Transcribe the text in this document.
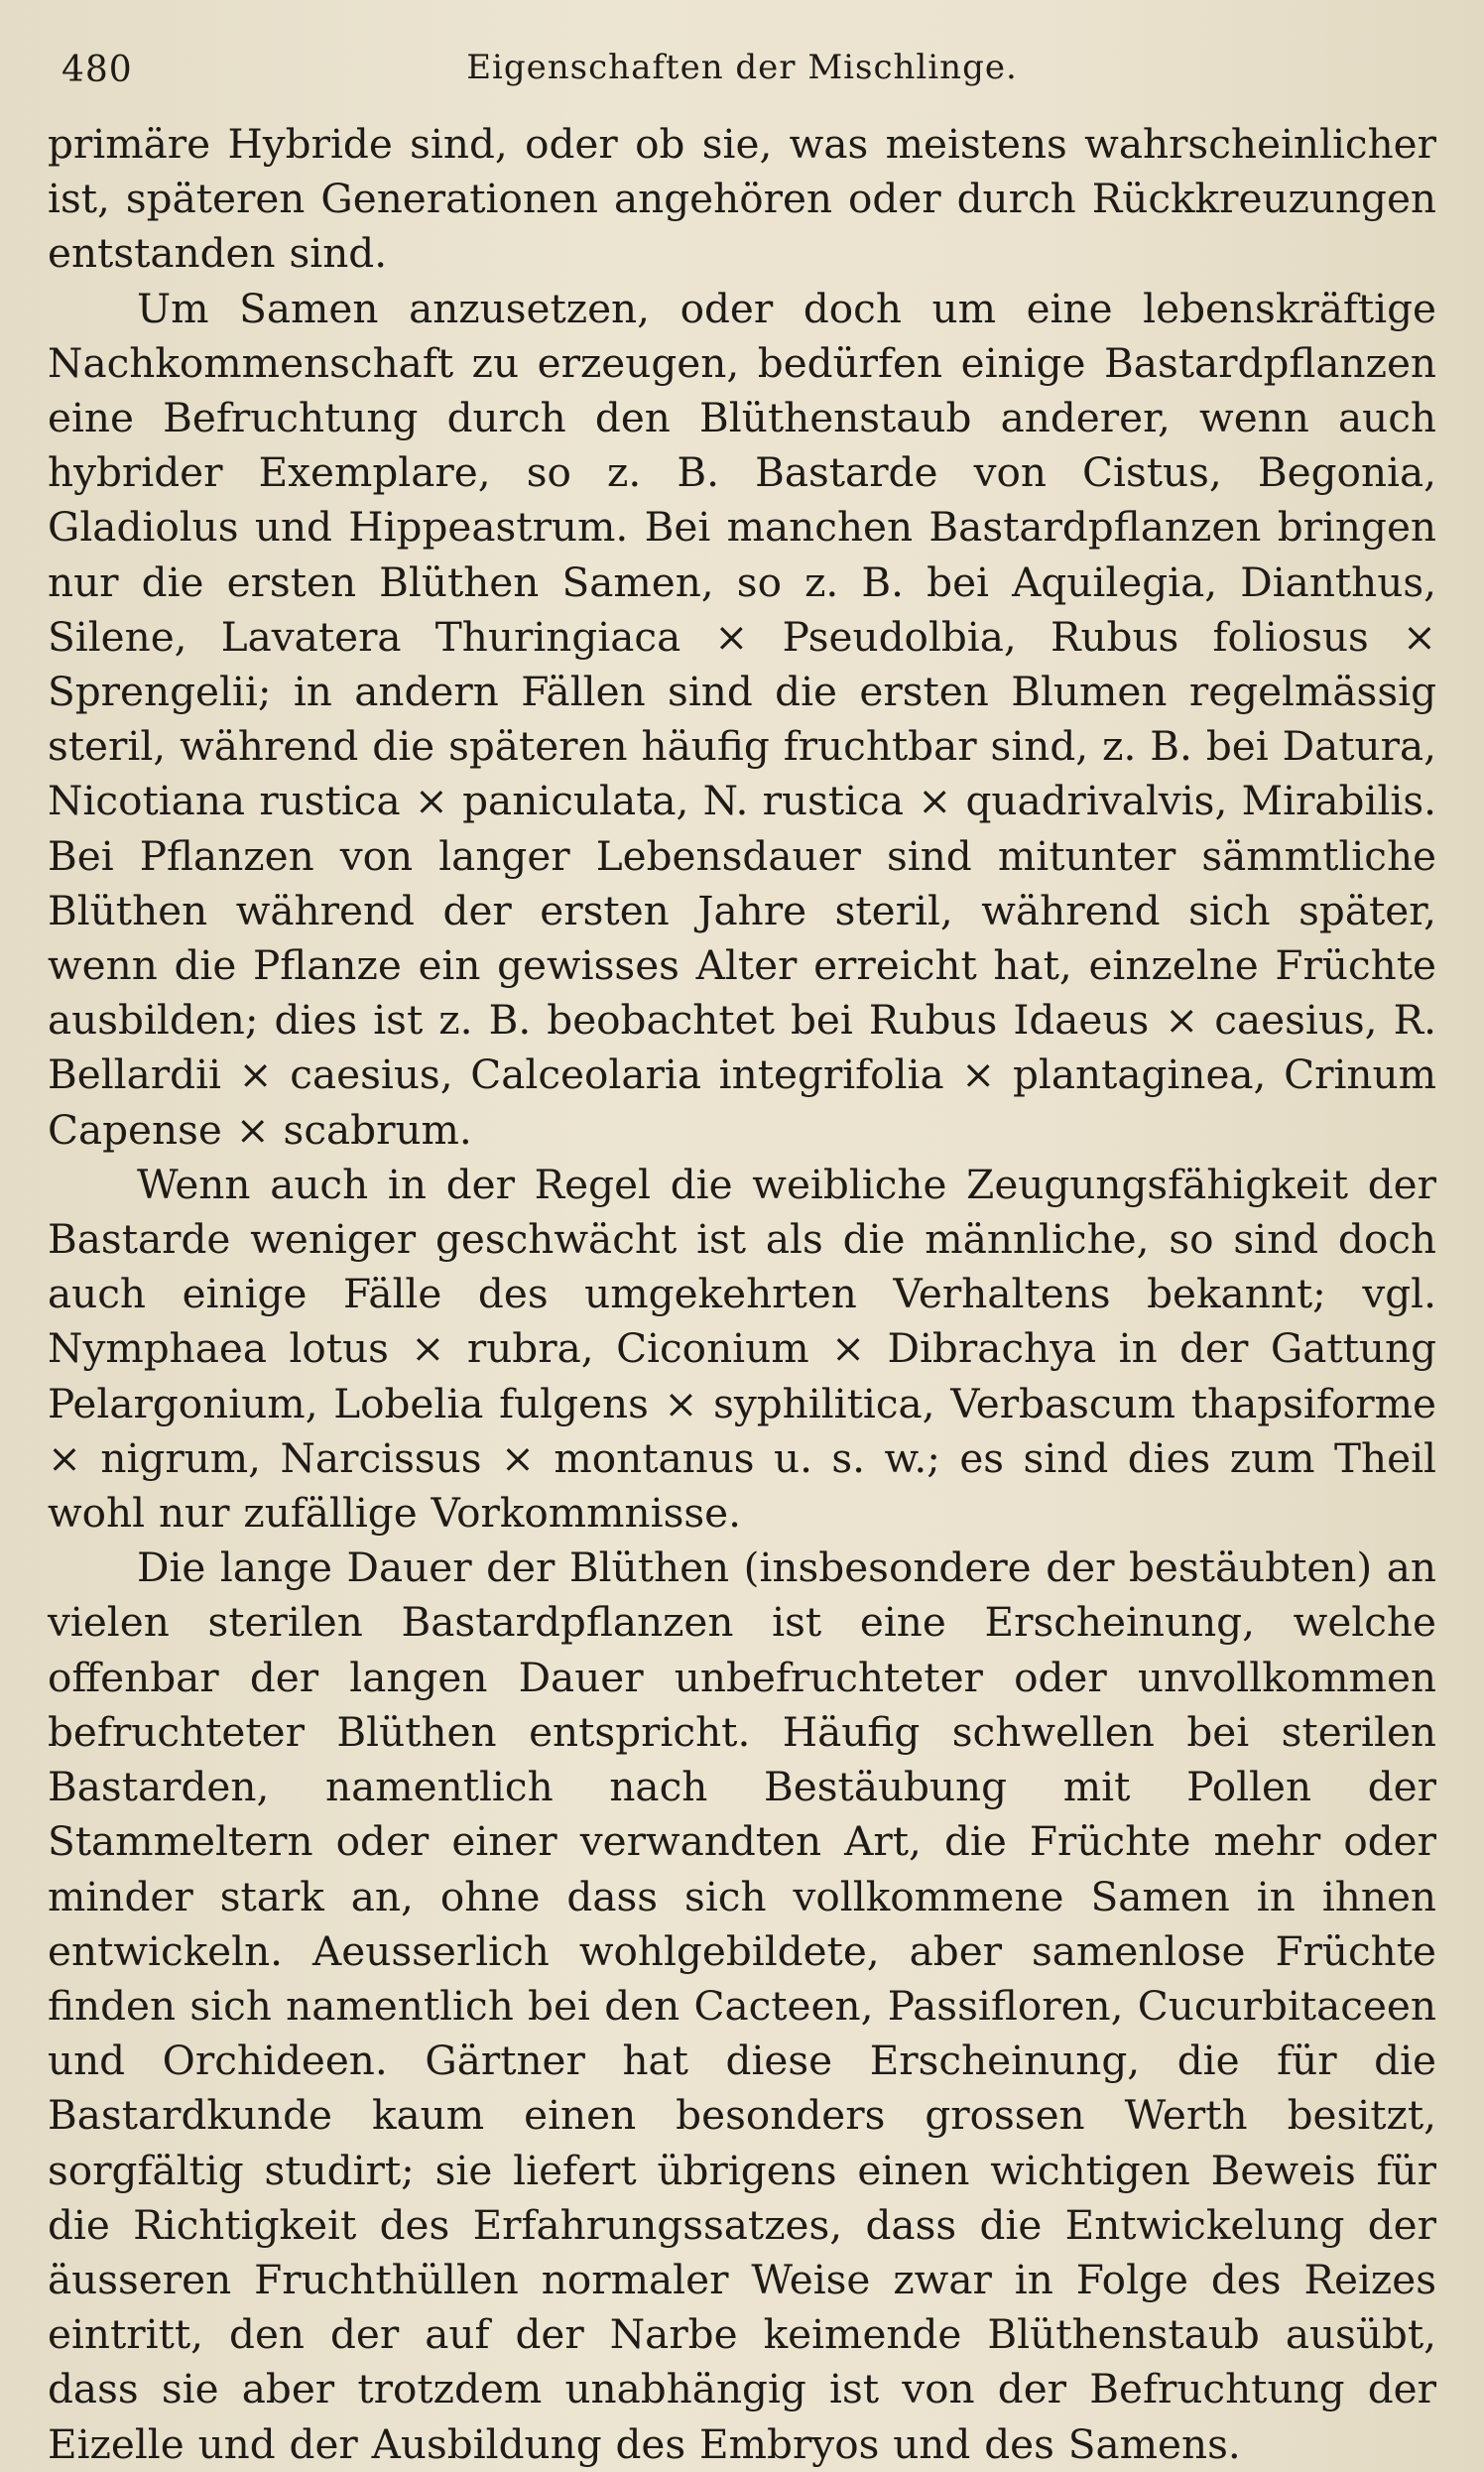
480	Eigenschaften der Mischlinge.

primäre Hybride sind, oder ob sie, was meistens wahrscheinlicher ist, späteren Generationen angehören oder durch Rückkreuzungen entstanden sind.

Um Samen anzusetzen, oder doch um eine lebenskräftige Nachkommenschaft zu erzeugen, bedürfen einige Bastardpflanzen eine Befruchtung durch den Blüthenstaub anderer, wenn auch hybrider Exemplare, so z. B. Bastarde von Cistus, Begonia, Gladiolus und Hippeastrum. Bei manchen Bastardpflanzen bringen nur die ersten Blüthen Samen, so z. B. bei Aquilegia, Dianthus, Silene, Lavatera Thuringiaca × Pseudolbia, Rubus foliosus × Sprengelii; in andern Fällen sind die ersten Blumen regelmässig steril, während die späteren häufig fruchtbar sind, z. B. bei Datura, Nicotiana rustica × paniculata, N. rustica × quadrivalvis, Mirabilis. Bei Pflanzen von langer Lebensdauer sind mitunter sämmtliche Blüthen während der ersten Jahre steril, während sich später, wenn die Pflanze ein gewisses Alter erreicht hat, einzelne Früchte ausbilden; dies ist z. B. beobachtet bei Rubus Idaeus × caesius, R. Bellardii × caesius, Calceolaria integrifolia × plantaginea, Crinum Capense × scabrum.

Wenn auch in der Regel die weibliche Zeugungsfähigkeit der Bastarde weniger geschwächt ist als die männliche, so sind doch auch einige Fälle des umgekehrten Verhaltens bekannt; vgl. Nymphaea lotus × rubra, Ciconium × Dibrachya in der Gattung Pelargonium, Lobelia fulgens × syphilitica, Verbascum thapsiforme × nigrum, Narcissus × montanus u. s. w.; es sind dies zum Theil wohl nur zufällige Vorkommnisse.

Die lange Dauer der Blüthen (insbesondere der bestäubten) an vielen sterilen Bastardpflanzen ist eine Erscheinung, welche offenbar der langen Dauer unbefruchteter oder unvollkommen befruchteter Blüthen entspricht. Häufig schwellen bei sterilen Bastarden, namentlich nach Bestäubung mit Pollen der Stammeltern oder einer verwandten Art, die Früchte mehr oder minder stark an, ohne dass sich vollkommene Samen in ihnen entwickeln. Aeusserlich wohlgebildete, aber samenlose Früchte finden sich namentlich bei den Cacteen, Passifloren, Cucurbitaceen und Orchideen. Gärtner hat diese Erscheinung, die für die Bastardkunde kaum einen besonders grossen Werth besitzt, sorgfältig studirt; sie liefert übrigens einen wichtigen Beweis für die Richtigkeit des Erfahrungssatzes, dass die Entwickelung der äusseren Fruchthüllen normaler Weise zwar in Folge des Reizes eintritt, den der auf der Narbe keimende Blüthenstaub ausübt, dass sie aber trotzdem unabhängig ist von der Befruchtung der Eizelle und der Ausbildung des Embryos und des Samens.
